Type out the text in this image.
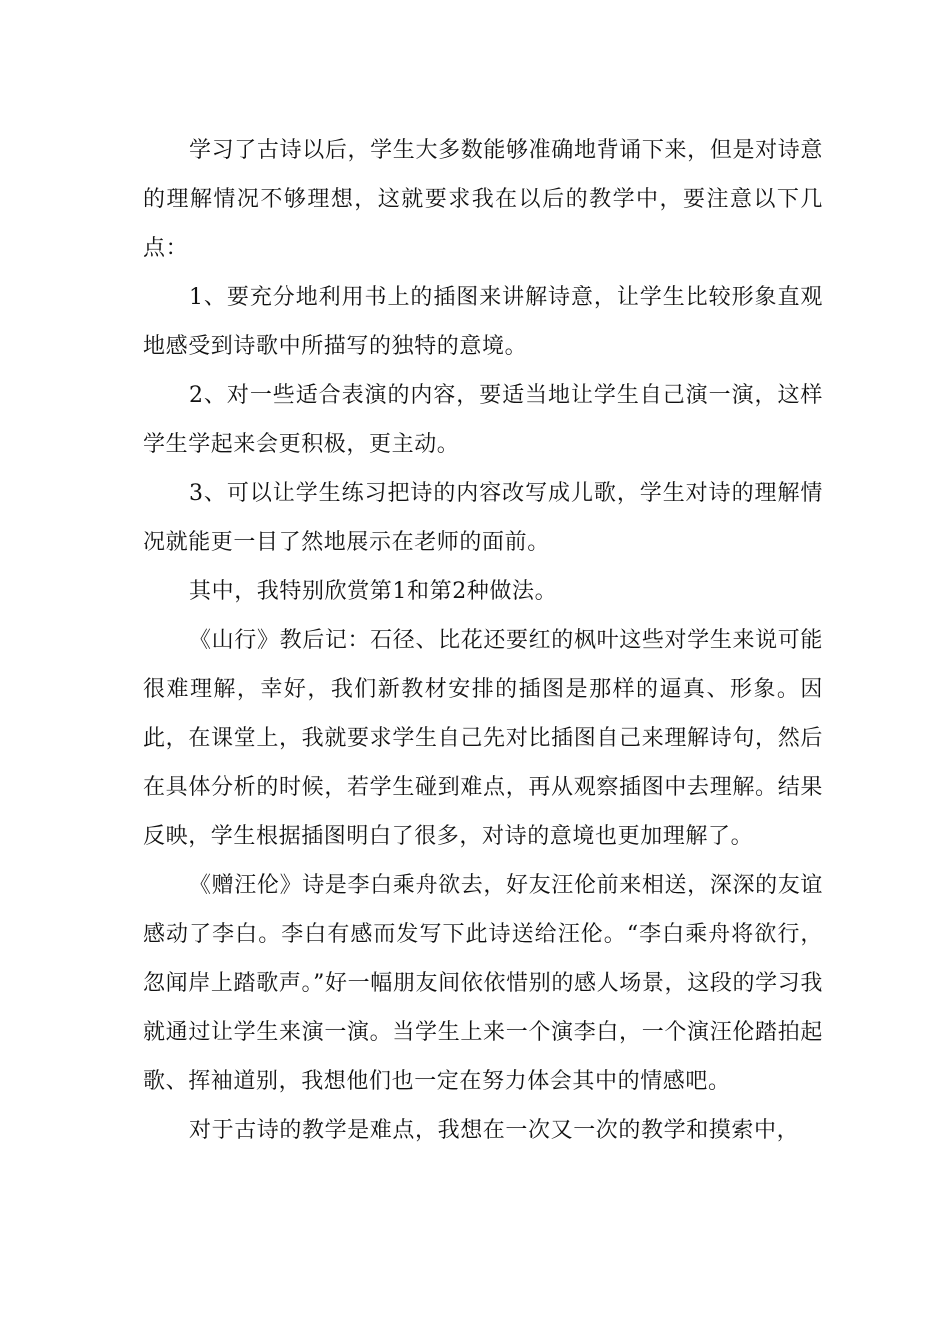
学习了古诗以后，学生大多数能够准确地背诵下来，但是对诗意的理解情况不够理想，这就要求我在以后的教学中，要注意以下几点：

1、要充分地利用书上的插图来讲解诗意，让学生比较形象直观地感受到诗歌中所描写的独特的意境。

2、对一些适合表演的内容，要适当地让学生自己演一演，这样学生学起来会更积极，更主动。

3、可以让学生练习把诗的内容改写成儿歌，学生对诗的理解情况就能更一目了然地展示在老师的面前。

其中，我特别欣赏第1和第2种做法。

《山行》教后记：石径、比花还要红的枫叶这些对学生来说可能很难理解，幸好，我们新教材安排的插图是那样的逼真、形象。因此，在课堂上，我就要求学生自己先对比插图自己来理解诗句，然后在具体分析的时候，若学生碰到难点，再从观察插图中去理解。结果反映，学生根据插图明白了很多，对诗的意境也更加理解了。

《赠汪伦》诗是李白乘舟欲去，好友汪伦前来相送，深深的友谊感动了李白。李白有感而发写下此诗送给汪伦。“李白乘舟将欲行，忽闻岸上踏歌声。”好一幅朋友间依依惜别的感人场景，这段的学习我就通过让学生来演一演。当学生上来一个演李白，一个演汪伦踏拍起歌、挥袖道别，我想他们也一定在努力体会其中的情感吧。

对于古诗的教学是难点，我想在一次又一次的教学和摸索中，
